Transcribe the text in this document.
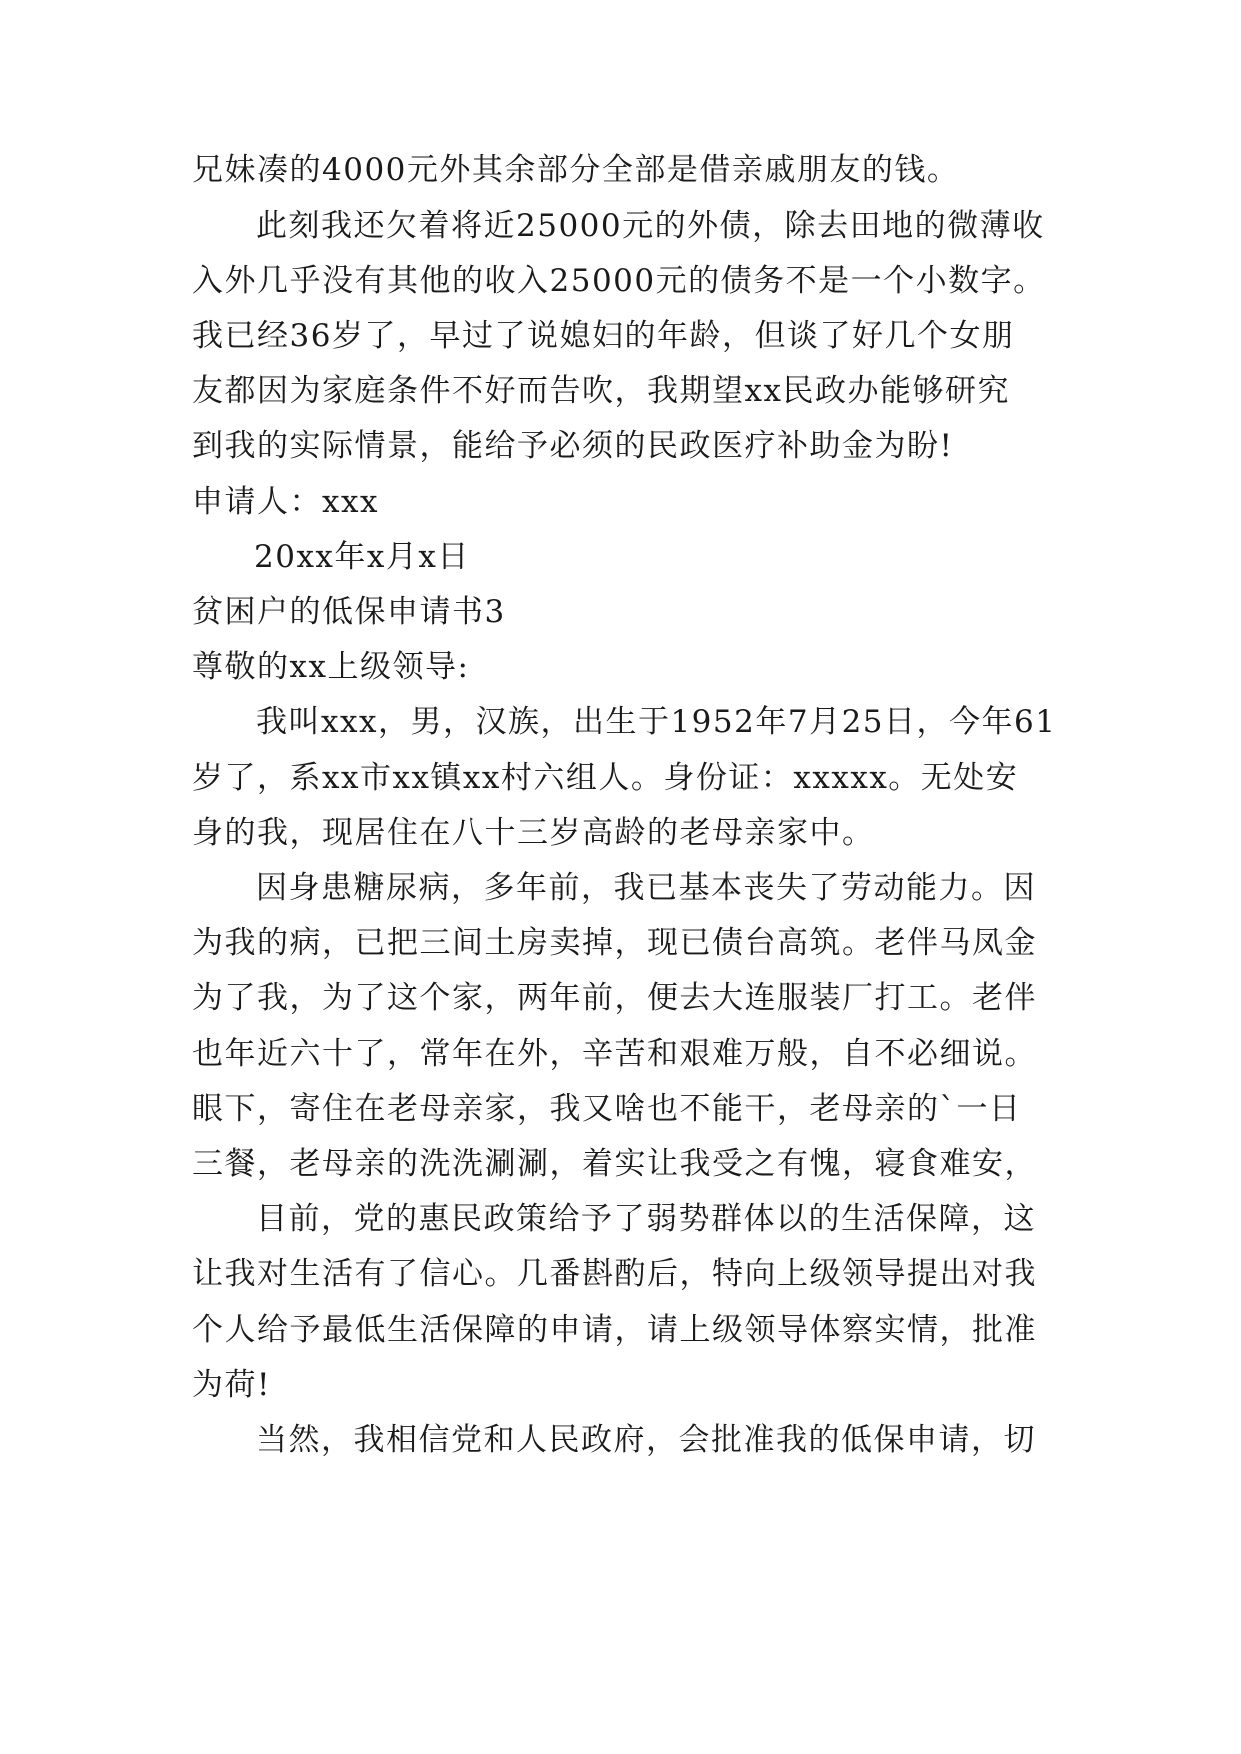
兄妹凑的4000元外其余部分全部是借亲戚朋友的钱。
此刻我还欠着将近25000元的外债，除去田地的微薄收
入外几乎没有其他的收入25000元的债务不是一个小数字。
我已经36岁了，早过了说媳妇的年龄，但谈了好几个女朋
友都因为家庭条件不好而告吹，我期望xx民政办能够研究
到我的实际情景，能给予必须的民政医疗补助金为盼!
申请人：xxx
20xx年x月x日
贫困户的低保申请书3
尊敬的xx上级领导:
我叫xxx，男，汉族，出生于1952年7月25日，今年61
岁了，系xx市xx镇xx村六组人。身份证：xxxxx。无处安
身的我，现居住在八十三岁高龄的老母亲家中。
因身患糖尿病，多年前，我已基本丧失了劳动能力。因
为我的病，已把三间土房卖掉，现已债台高筑。老伴马凤金
为了我，为了这个家，两年前，便去大连服装厂打工。老伴
也年近六十了，常年在外，辛苦和艰难万般，自不必细说。
眼下，寄住在老母亲家，我又啥也不能干，老母亲的`一日
三餐，老母亲的洗洗涮涮，着实让我受之有愧，寝食难安，
目前，党的惠民政策给予了弱势群体以的生活保障，这
让我对生活有了信心。几番斟酌后，特向上级领导提出对我
个人给予最低生活保障的申请，请上级领导体察实情，批准
为荷!
当然，我相信党和人民政府，会批准我的低保申请，切
